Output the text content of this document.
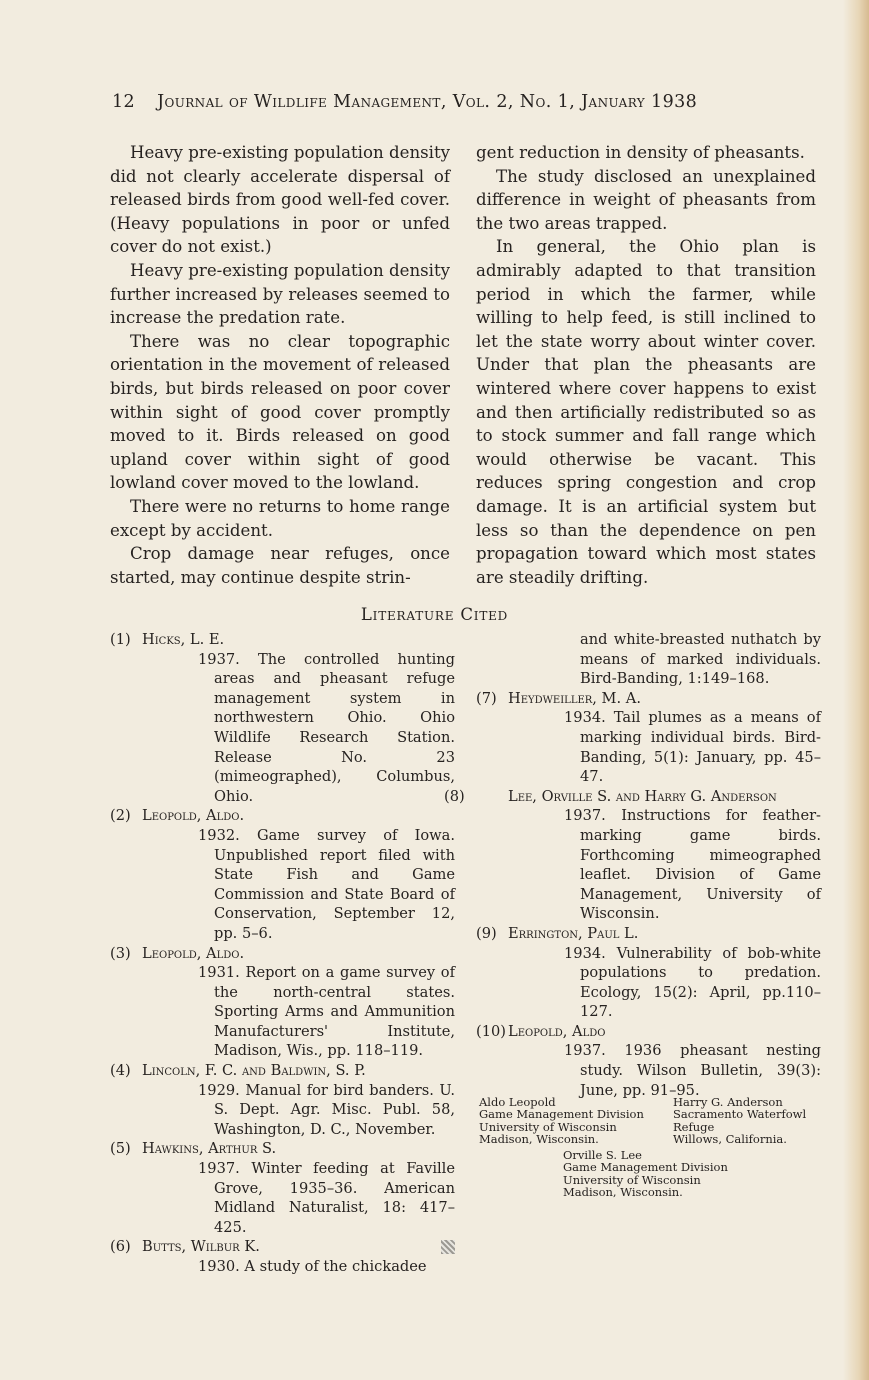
12 Journal of Wildlife Management, Vol. 2, No. 1, January 1938

Heavy pre-existing population density did not clearly accelerate dispersal of released birds from good well-fed cover. (Heavy populations in poor or unfed cover do not exist.)

Heavy pre-existing population density further increased by releases seemed to increase the predation rate.

There was no clear topographic orientation in the movement of released birds, but birds released on poor cover within sight of good cover promptly moved to it. Birds released on good upland cover within sight of good lowland cover moved to the lowland.

There were no returns to home range except by accident.

Crop damage near refuges, once started, may continue despite strin-

gent reduction in density of pheasants.

The study disclosed an unexplained difference in weight of pheasants from the two areas trapped.

In general, the Ohio plan is admirably adapted to that transition period in which the farmer, while willing to help feed, is still inclined to let the state worry about winter cover. Under that plan the pheasants are wintered where cover happens to exist and then artificially redistributed so as to stock summer and fall range which would otherwise be vacant. This reduces spring congestion and crop damage. It is an artificial system but less so than the dependence on pen propagation toward which most states are steadily drifting.

Literature Cited
(1) Hicks, L. E.

1937. The controlled hunting areas and pheasant refuge management system in northwestern Ohio. Ohio Wildlife Research Station. Release No. 23 (mimeographed), Columbus, Ohio.

(2) Leopold, Aldo.

1932. Game survey of Iowa. Unpublished report filed with State Fish and Game Commission and State Board of Conservation, September 12, pp. 5–6.

(3) Leopold, Aldo.

1931. Report on a game survey of the north-central states. Sporting Arms and Ammunition Manufacturers' Institute, Madison, Wis., pp. 118–119.

(4) Lincoln, F. C. and Baldwin, S. P.

1929. Manual for bird banders. U. S. Dept. Agr. Misc. Publ. 58, Washington, D. C., November.

(5) Hawkins, Arthur S.

1937. Winter feeding at Faville Grove, 1935–36. American Midland Naturalist, 18: 417–425.

(6) Butts, Wilbur K.

1930. A study of the chickadee

and white-breasted nuthatch by means of marked individuals. Bird-Banding, 1:149–168.

(7) Heydweiller, M. A.

1934. Tail plumes as a means of marking individual birds. Bird-Banding, 5(1): January, pp. 45–47.

(8)	Lee, Orville S. and Harry G. Anderson

1937. Instructions for feather-marking game birds. Forthcoming mimeographed leaflet. Division of Game Management, University of Wisconsin.

(9) Errington, Paul L.

1934. Vulnerability of bob-white populations to predation. Ecology, 15(2): April, pp.110–127.

(10) Leopold, Aldo

1937. 1936 pheasant nesting study. Wilson Bulletin, 39(3): June, pp. 91–95.

Aldo Leopold
Game Management Division
University of Wisconsin
Madison, Wisconsin.
Harry G. Anderson
Sacramento Waterfowl
Refuge
Willows, California.
Orville S. Lee
Game Management Division
University of Wisconsin
Madison, Wisconsin.
